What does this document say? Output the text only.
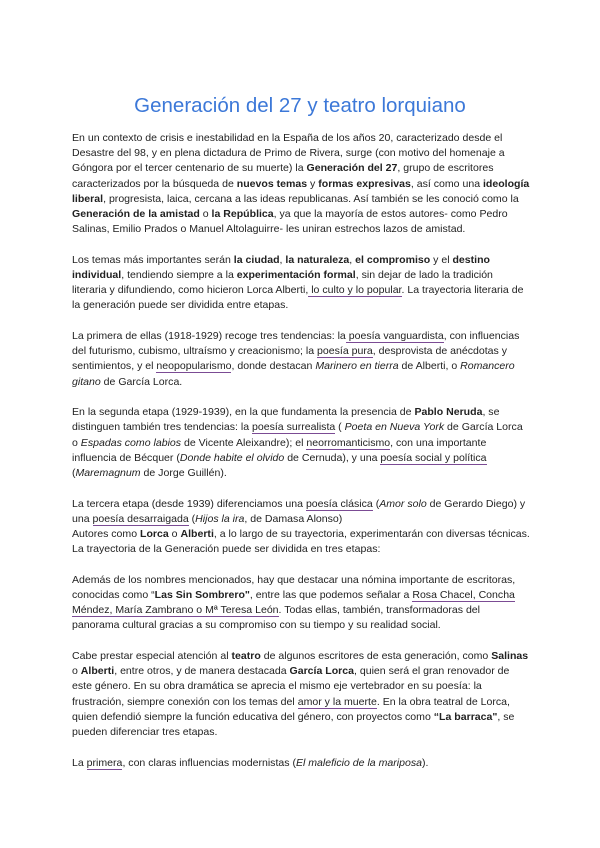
Generación del 27 y teatro lorquiano

En un contexto de crisis e inestabilidad en la España de los años 20, caracterizado desde el Desastre del 98, y en plena dictadura de Primo de Rivera, surge (con motivo del homenaje a Góngora por el tercer centenario de su muerte) la Generación del 27, grupo de escritores caracterizados por la búsqueda de nuevos temas y formas expresivas, así como una ideología liberal, progresista, laica, cercana a las ideas republicanas. Así también se les conoció como la Generación de la amistad o la República, ya que la mayoría de estos autores- como Pedro Salinas, Emilio Prados o Manuel Altolaguirre- les uniran estrechos lazos de amistad.

Los temas más importantes serán la ciudad, la naturaleza, el compromiso y el destino individual, tendiendo siempre a la experimentación formal, sin dejar de lado la tradición literaria y difundiendo, como hicieron Lorca Alberti, lo culto y lo popular. La trayectoria literaria de la generación puede ser dividida entre etapas.

La primera de ellas (1918-1929) recoge tres tendencias: la poesía vanguardista, con influencias del futurismo, cubismo, ultraísmo y creacionismo; la poesía pura, desprovista de anécdotas y sentimientos, y el neopopularismo, donde destacan Marinero en tierra de Alberti, o Romancero gitano de García Lorca.

En la segunda etapa (1929-1939), en la que fundamenta la presencia de Pablo Neruda, se distinguen también tres tendencias: la poesía surrealista ( Poeta en Nueva York de García Lorca o Espadas como labios de Vicente Aleixandre); el neorromanticismo, con una importante influencia de Bécquer (Donde habite el olvido de Cernuda), y una poesía social y política (Maremagnum de Jorge Guillén).

La tercera etapa (desde 1939) diferenciamos una poesía clásica (Amor solo de Gerardo Diego) y una poesía desarraigada (Hijos la ira, de Damasa Alonso)

Autores como Lorca o Alberti, a lo largo de su trayectoria, experimentarán con diversas técnicas. La trayectoria de la Generación puede ser dividida en tres etapas:

Además de los nombres mencionados, hay que destacar una nómina importante de escritoras, conocidas como “Las Sin Sombrero", entre las que podemos señalar a Rosa Chacel, Concha Méndez, María Zambrano o Mª Teresa León. Todas ellas, también, transformadoras del panorama cultural gracias a su compromiso con su tiempo y su realidad social.

Cabe prestar especial atención al teatro de algunos escritores de esta generación, como Salinas o Alberti, entre otros, y de manera destacada García Lorca, quien será el gran renovador de este género. En su obra dramática se aprecia el mismo eje vertebrador en su poesía: la frustración, siempre conexión con los temas del amor y la muerte. En la obra teatral de Lorca, quien defendió siempre la función educativa del género, con proyectos como “La barraca", se pueden diferenciar tres etapas.

La primera, con claras influencias modernistas (El maleficio de la mariposa).
